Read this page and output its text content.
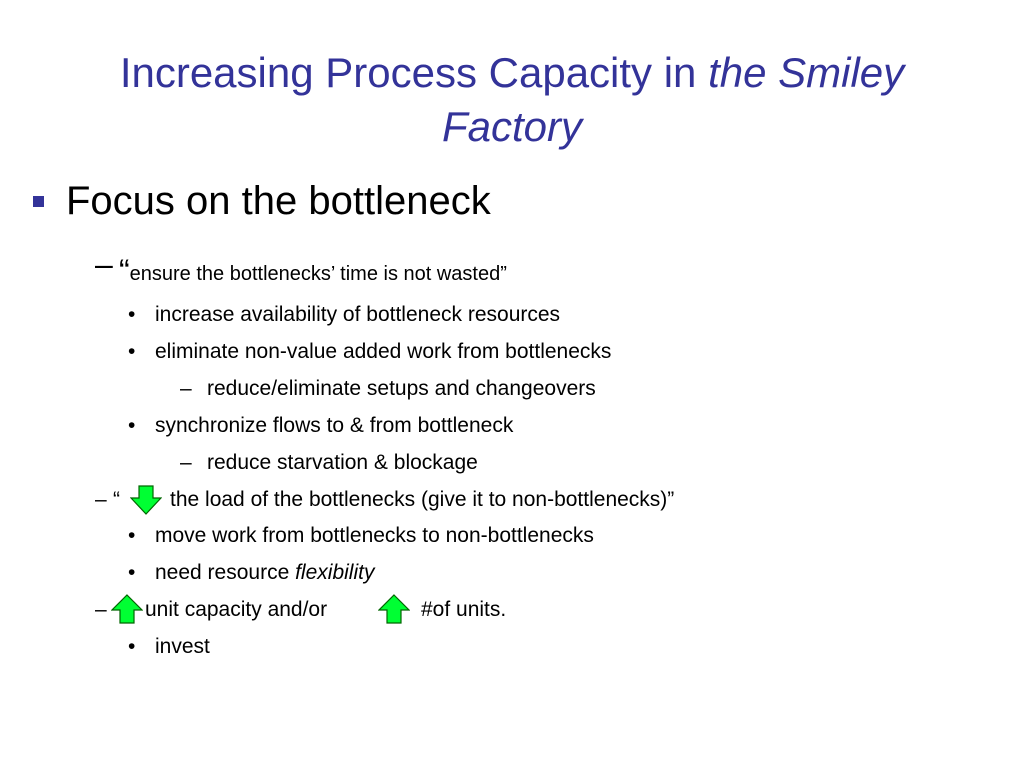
Increasing Process Capacity in the Smiley
Factory
Focus on the bottleneck
– “ensure the bottlenecks’ time is not wasted”
• increase availability of bottleneck resources
• eliminate non-value added work from bottlenecks
– reduce/eliminate setups and changeovers
• synchronize flows to & from bottleneck
– reduce starvation & blockage
– “ the load of the bottlenecks (give it to non-bottlenecks)”
• move work from bottlenecks to non-bottlenecks
• need resource flexibility
– unit capacity and/or	#of units.
• invest
